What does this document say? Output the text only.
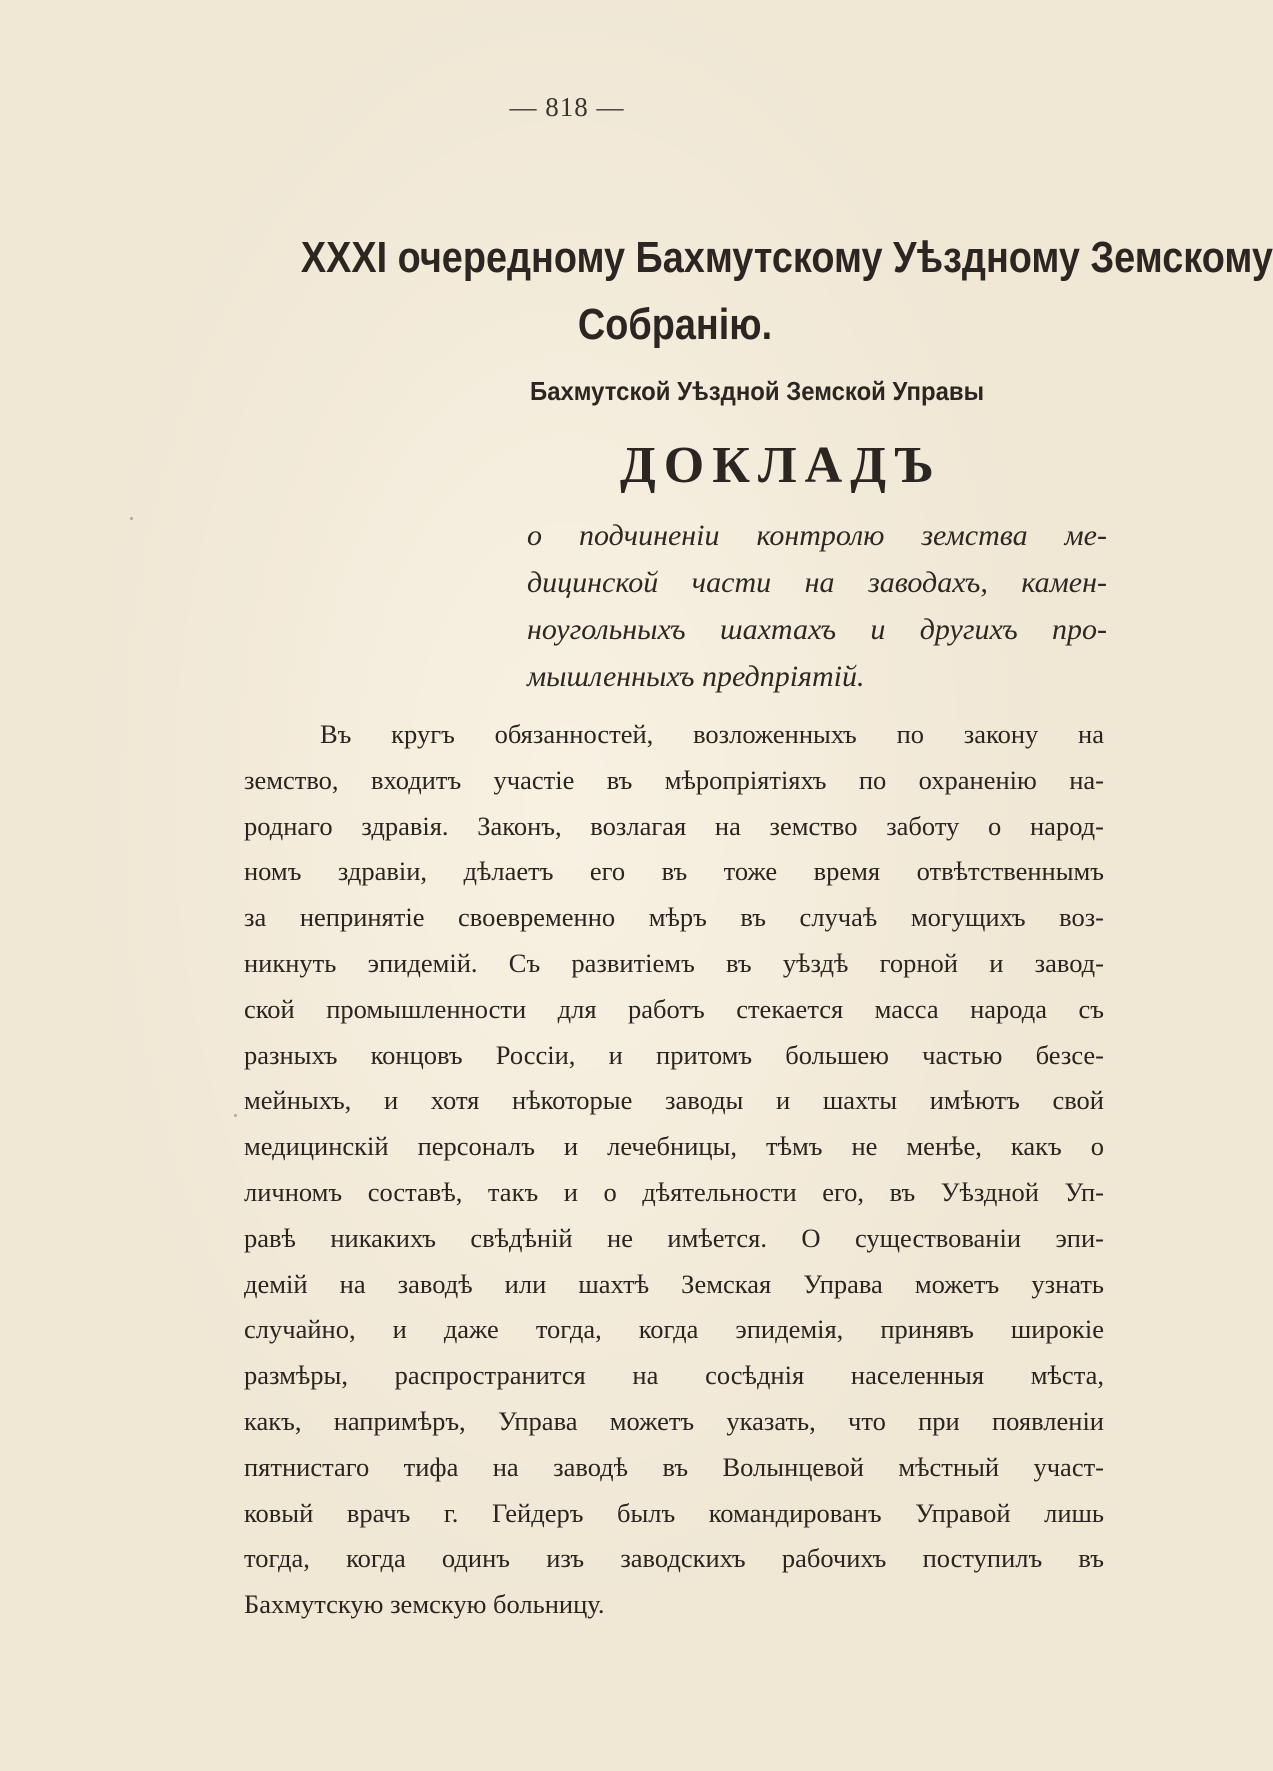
— 818 —
XXXI очередному Бахмутскому Уѣздному Земскому
Собранію.
Бахмутской Уѣздной Земской Управы
ДОКЛАДЪ
о подчиненіи контролю земства ме-
дицинской части на заводахъ, камен-
ноугольныхъ шахтахъ и другихъ про-
мышленныхъ предпріятій.
Въ кругъ обязанностей, возложенныхъ по закону на
земство, входитъ участіе въ мѣропріятіяхъ по охраненію на-
роднаго здравія. Законъ, возлагая на земство заботу о народ-
номъ здравіи, дѣлаетъ его въ тоже время отвѣтственнымъ
за непринятіе своевременно мѣръ въ случаѣ могущихъ воз-
никнуть эпидемій. Съ развитіемъ въ уѣздѣ горной и завод-
ской промышленности для работъ стекается масса народа съ
разныхъ концовъ Россіи, и притомъ большею частью безсе-
мейныхъ, и хотя нѣкоторые заводы и шахты имѣютъ свой
медицинскій персоналъ и лечебницы, тѣмъ не менѣе, какъ о
личномъ составѣ, такъ и о дѣятельности его, въ Уѣздной Уп-
равѣ никакихъ свѣдѣній не имѣется. О существованіи эпи-
демій на заводѣ или шахтѣ Земская Управа можетъ узнать
случайно, и даже тогда, когда эпидемія, принявъ широкіе
размѣры, распространится на сосѣднія населенныя мѣста,
какъ, напримѣръ, Управа можетъ указать, что при появленіи
пятнистаго тифа на заводѣ въ Волынцевой мѣстный участ-
ковый врачъ г. Гейдеръ былъ командированъ Управой лишь
тогда, когда одинъ изъ заводскихъ рабочихъ поступилъ въ
Бахмутскую земскую больницу.
